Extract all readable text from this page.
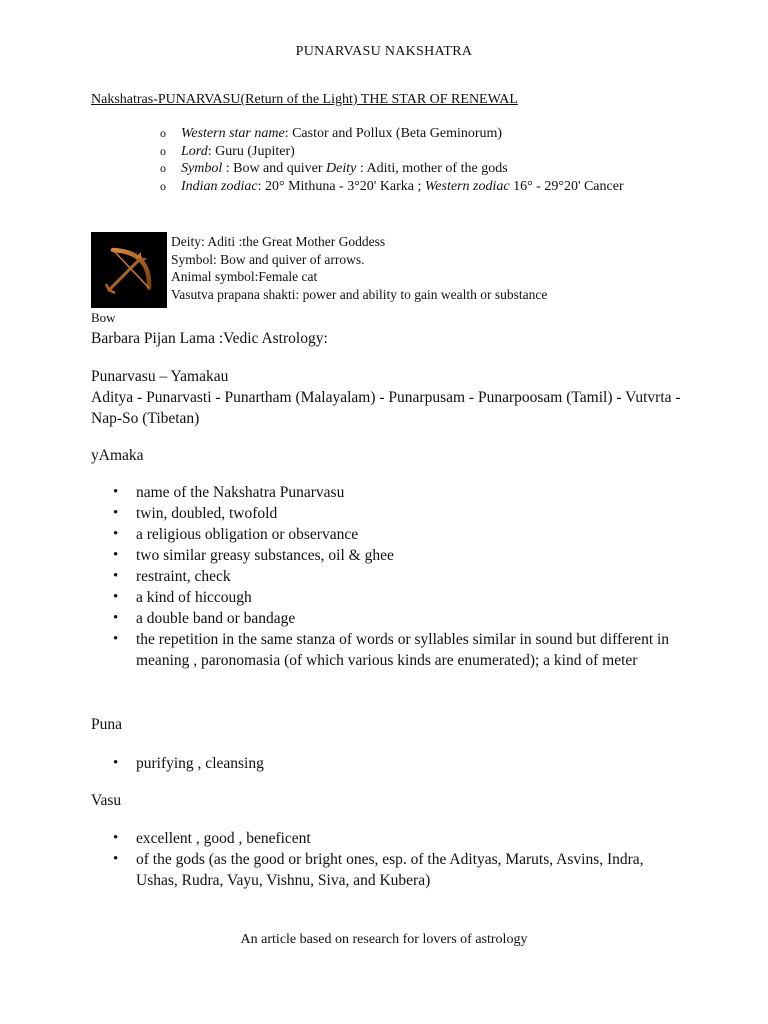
PUNARVASU NAKSHATRA
Nakshatras-PUNARVASU(Return of the Light) THE STAR OF RENEWAL
o Western star name: Castor and Pollux (Beta Geminorum)
o Lord: Guru (Jupiter)
o Symbol : Bow and quiver Deity : Aditi, mother of the gods
o Indian zodiac: 20° Mithuna - 3°20' Karka ; Western zodiac 16° - 29°20' Cancer
Bow
Deity: Aditi :the Great Mother Goddess
Symbol: Bow and quiver of arrows.
Animal symbol:Female cat
Vasutva prapana shakti: power and ability to gain wealth or substance
Barbara Pijan Lama :Vedic Astrology:
Punarvasu – Yamakau
Aditya - Punarvasti - Punartham (Malayalam) - Punarpusam - Punarpoosam (Tamil) - Vutvrta - Nap-So (Tibetan)
yAmaka
• name of the Nakshatra Punarvasu
• twin, doubled, twofold
• a religious obligation or observance
• two similar greasy substances, oil & ghee
• restraint, check
• a kind of hiccough
• a double band or bandage
• the repetition in the same stanza of words or syllables similar in sound but different in meaning , paronomasia (of which various kinds are enumerated); a kind of meter
Puna
• purifying , cleansing
Vasu
• excellent , good , beneficent
• of the gods (as the good or bright ones, esp. of the Adityas, Maruts, Asvins, Indra, Ushas, Rudra, Vayu, Vishnu, Siva, and Kubera)
An article based on research for lovers of astrology
